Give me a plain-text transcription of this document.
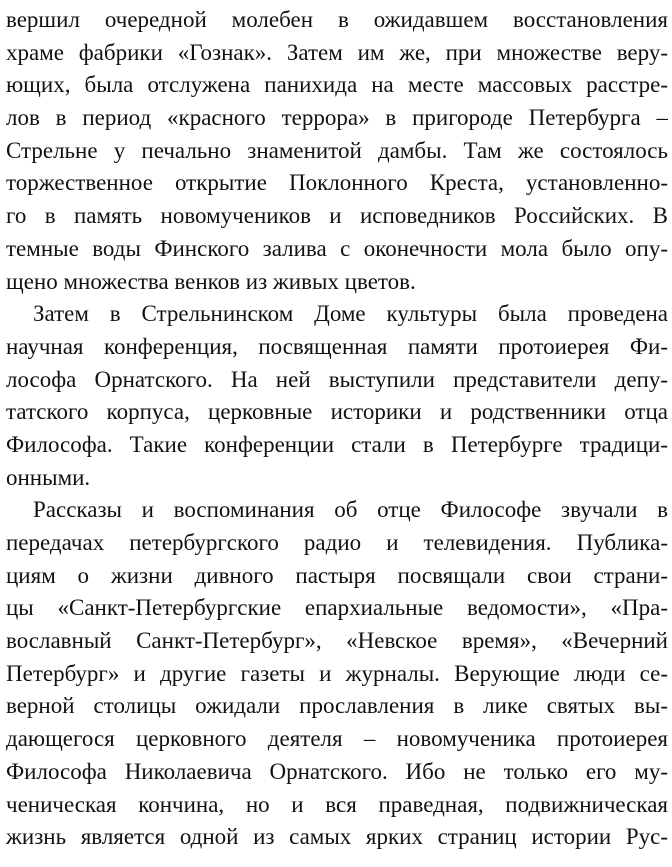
вершил очередной молебен в ожидавшем восстановления
храме фабрики «Гознак». Затем им же, при множестве веру-
ющих, была отслужена панихида на месте массовых расстре-
лов в период «красного террора» в пригороде Петербурга –
Стрельне у печально знаменитой дамбы. Там же состоялось
торжественное открытие Поклонного Креста, установленно-
го в память новомучеников и исповедников Российских. В
темные воды Финского залива с оконечности мола было опу-
щено множества венков из живых цветов.
Затем в Стрельнинском Доме культуры была проведена
научная конференция, посвященная памяти протоиерея Фи-
лософа Орнатского. На ней выступили представители депу-
татского корпуса, церковные историки и родственники отца
Философа. Такие конференции стали в Петербурге традици-
онными.
Рассказы и воспоминания об отце Философе звучали в
передачах петербургского радио и телевидения. Публика-
циям о жизни дивного пастыря посвящали свои страни-
цы «Санкт-Петербургские епархиальные ведомости», «Пра-
вославный Санкт-Петербург», «Невское время», «Вечерний
Петербург» и другие газеты и журналы. Верующие люди се-
верной столицы ожидали прославления в лике святых вы-
дающегося церковного деятеля – новомученика протоиерея
Философа Николаевича Орнатского. Ибо не только его му-
ченическая кончина, но и вся праведная, подвижническая
жизнь является одной из самых ярких страниц истории Рус-
